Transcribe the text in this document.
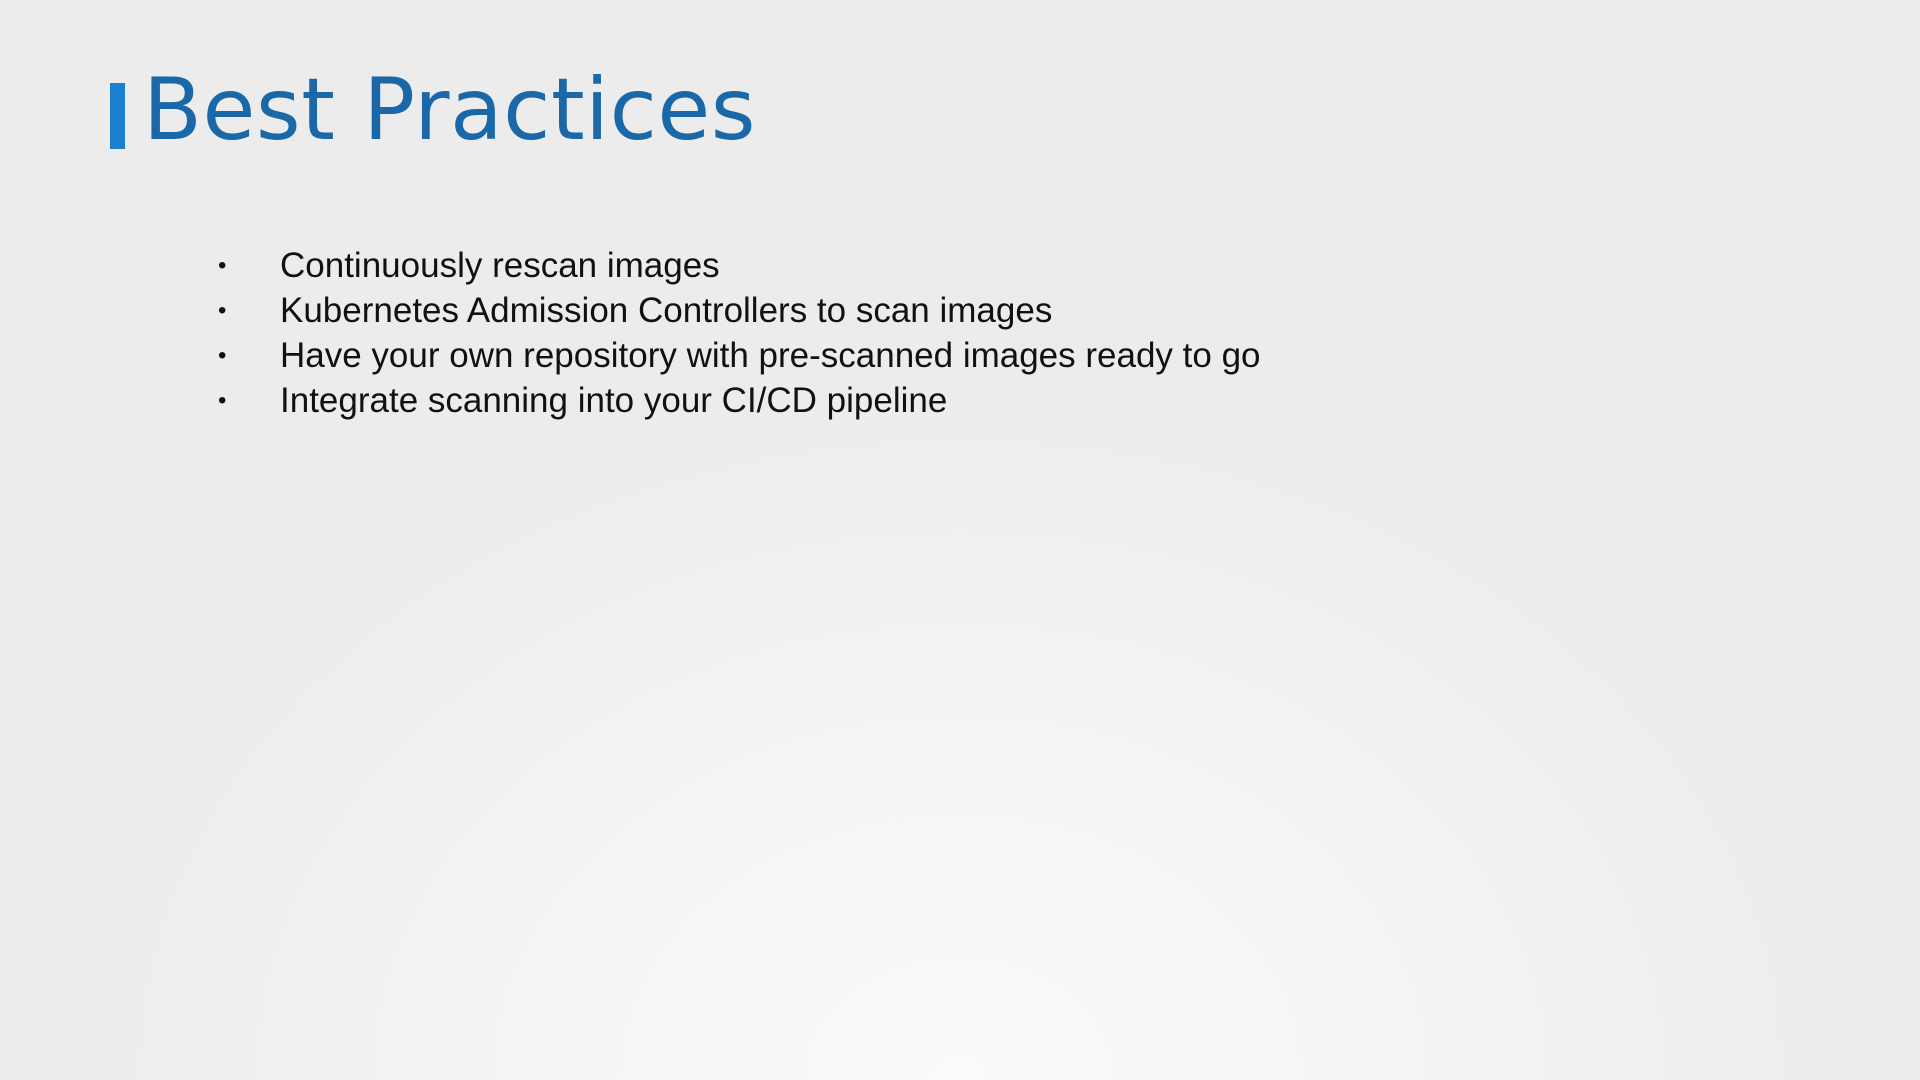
Best Practices
• Continuously rescan images
• Kubernetes Admission Controllers to scan images
• Have your own repository with pre-scanned images ready to go
• Integrate scanning into your CI/CD pipeline
